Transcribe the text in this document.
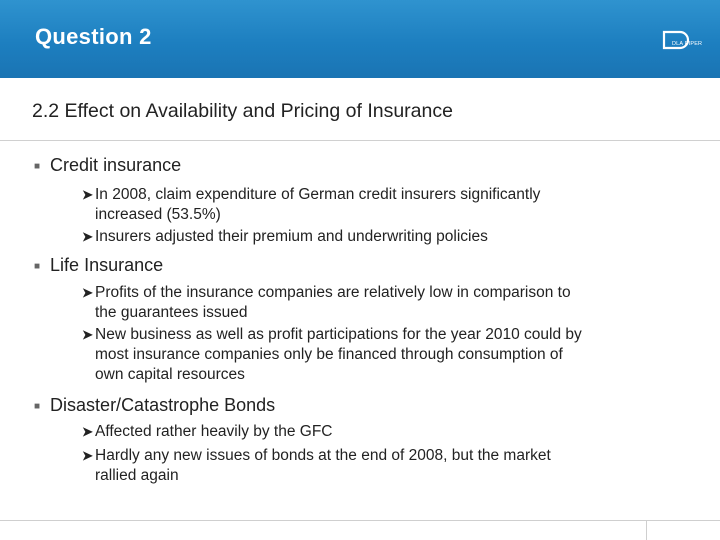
Question 2	DLA PIPER
2.2 Effect on Availability and Pricing of Insurance
■ Credit insurance
➤ In 2008, claim expenditure of German credit insurers significantly
increased (53.5%)
➤ Insurers adjusted their premium and underwriting policies
■ Life Insurance
➤ Profits of the insurance companies are relatively low in comparison to
the guarantees issued
➤ New business as well as profit participations for the year 2010 could by
most insurance companies only be financed through consumption of
own capital resources
■ Disaster/Catastrophe Bonds
➤ Affected rather heavily by the GFC
➤ Hardly any new issues of bonds at the end of 2008, but the market
rallied again
